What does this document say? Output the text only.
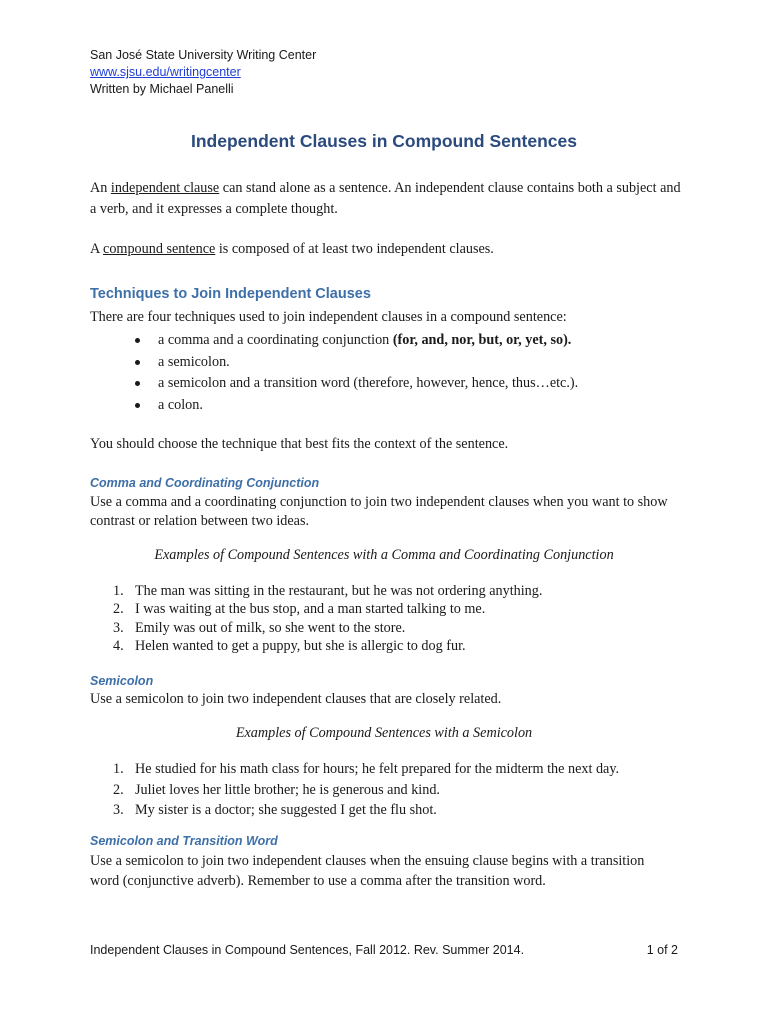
San José State University Writing Center
www.sjsu.edu/writingcenter
Written by Michael Panelli
Independent Clauses in Compound Sentences

An independent clause can stand alone as a sentence. An independent clause contains both a subject and a verb, and it expresses a complete thought.

A compound sentence is composed of at least two independent clauses.

Techniques to Join Independent Clauses

There are four techniques used to join independent clauses in a compound sentence:

a comma and a coordinating conjunction (for, and, nor, but, or, yet, so).
a semicolon.
a semicolon and a transition word (therefore, however, hence, thus…etc.).
a colon.

You should choose the technique that best fits the context of the sentence.

Comma and Coordinating Conjunction

Use a comma and a coordinating conjunction to join two independent clauses when you want to show contrast or relation between two ideas.

Examples of Compound Sentences with a Comma and Coordinating Conjunction
1. The man was sitting in the restaurant, but he was not ordering anything.
2. I was waiting at the bus stop, and a man started talking to me.
3. Emily was out of milk, so she went to the store.
4. Helen wanted to get a puppy, but she is allergic to dog fur.
Semicolon

Use a semicolon to join two independent clauses that are closely related.

Examples of Compound Sentences with a Semicolon
1. He studied for his math class for hours; he felt prepared for the midterm the next day.
2. Juliet loves her little brother; he is generous and kind.
3. My sister is a doctor; she suggested I get the flu shot.
Semicolon and Transition Word

Use a semicolon to join two independent clauses when the ensuing clause begins with a transition word (conjunctive adverb). Remember to use a comma after the transition word.

Independent Clauses in Compound Sentences, Fall 2012. Rev. Summer 2014.	1 of 2
